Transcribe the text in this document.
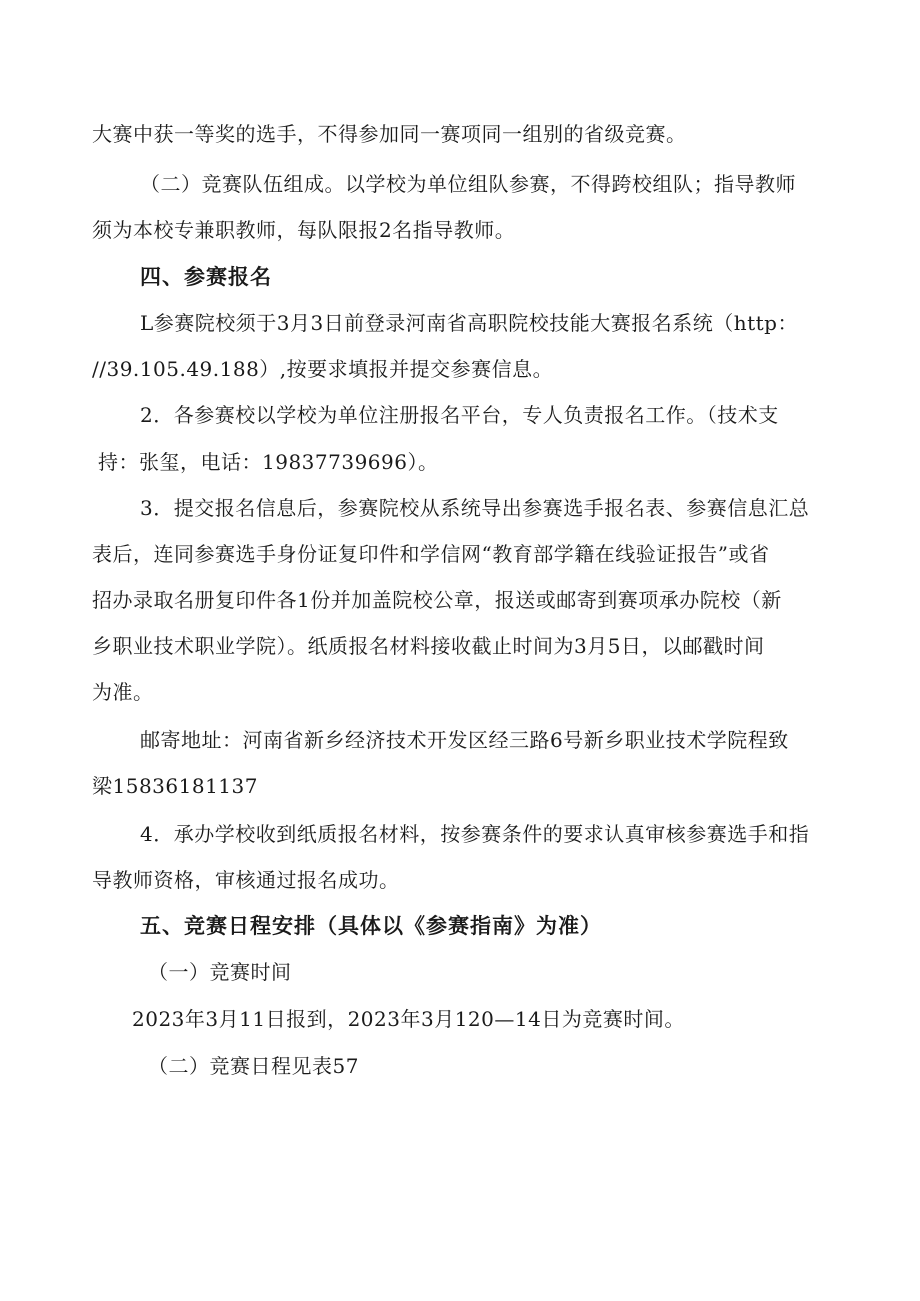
大赛中获一等奖的选手，不得参加同一赛项同一组别的省级竞赛。
（二）竞赛队伍组成。以学校为单位组队参赛，不得跨校组队；指导教师
须为本校专兼职教师，每队限报2名指导教师。
四、参赛报名
L参赛院校须于3月3日前登录河南省高职院校技能大赛报名系统（http：
//39.105.49.188）,按要求填报并提交参赛信息。
2．各参赛校以学校为单位注册报名平台，专人负责报名工作。（技术支
持：张玺，电话：19837739696）。
3．提交报名信息后，参赛院校从系统导出参赛选手报名表、参赛信息汇总
表后，连同参赛选手身份证复印件和学信网“教育部学籍在线验证报告”或省
招办录取名册复印件各1份并加盖院校公章，报送或邮寄到赛项承办院校（新
乡职业技术职业学院）。纸质报名材料接收截止时间为3月5日，以邮戳时间
为准。
邮寄地址：河南省新乡经济技术开发区经三路6号新乡职业技术学院程致
梁15836181137
4．承办学校收到纸质报名材料，按参赛条件的要求认真审核参赛选手和指
导教师资格，审核通过报名成功。
五、竞赛日程安排（具体以《参赛指南》为准）
（一）竞赛时间
2023年3月11日报到，2023年3月120—14日为竞赛时间。
（二）竞赛日程见表57
